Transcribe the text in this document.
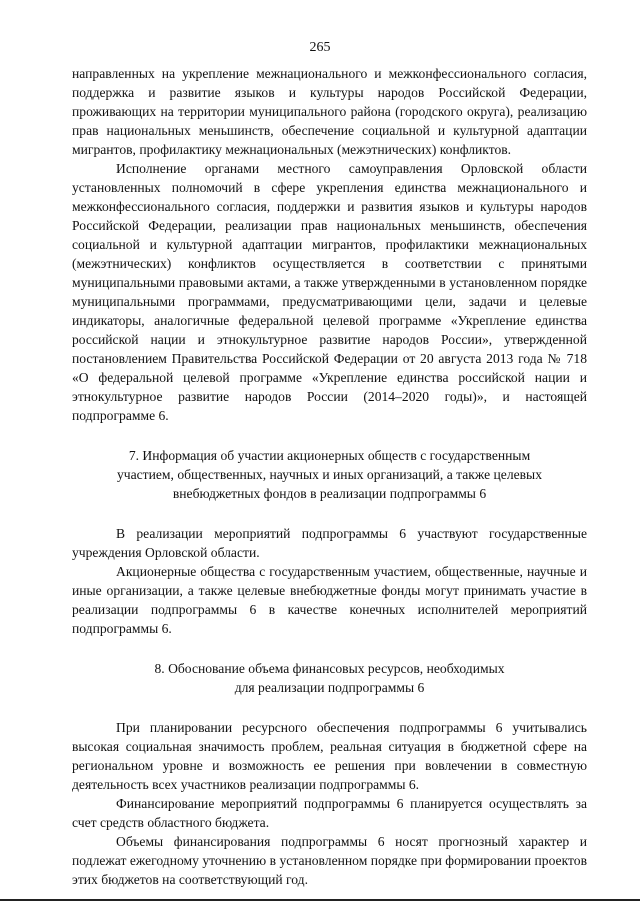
265

направленных на укрепление межнационального и межконфессионального согласия, поддержка и развитие языков и культуры народов Российской Федерации, проживающих на территории муниципального района (городского округа), реализацию прав национальных меньшинств, обеспечение социальной и культурной адаптации мигрантов, профилактику межнациональных (межэтнических) конфликтов.

Исполнение органами местного самоуправления Орловской области установленных полномочий в сфере укрепления единства межнационального и межконфессионального согласия, поддержки и развития языков и культуры народов Российской Федерации, реализации прав национальных меньшинств, обеспечения социальной и культурной адаптации мигрантов, профилактики межнациональных (межэтнических) конфликтов осуществляется в соответствии с принятыми муниципальными правовыми актами, а также утвержденными в установленном порядке муниципальными программами, предусматривающими цели, задачи и целевые индикаторы, аналогичные федеральной целевой программе «Укрепление единства российской нации и этнокультурное развитие народов России», утвержденной постановлением Правительства Российской Федерации от 20 августа 2013 года № 718 «О федеральной целевой программе «Укрепление единства российской нации и этнокультурное развитие народов России (2014–2020 годы)», и настоящей подпрограмме 6.

7. Информация об участии акционерных обществ с государственным участием, общественных, научных и иных организаций, а также целевых внебюджетных фондов в реализации подпрограммы 6

В реализации мероприятий подпрограммы 6 участвуют государственные учреждения Орловской области.

Акционерные общества с государственным участием, общественные, научные и иные организации, а также целевые внебюджетные фонды могут принимать участие в реализации подпрограммы 6 в качестве конечных исполнителей мероприятий подпрограммы 6.

8. Обоснование объема финансовых ресурсов, необходимых

для реализации подпрограммы 6

При планировании ресурсного обеспечения подпрограммы 6 учитывались высокая социальная значимость проблем, реальная ситуация в бюджетной сфере на региональном уровне и возможность ее решения при вовлечении в совместную деятельность всех участников реализации подпрограммы 6.

Финансирование мероприятий подпрограммы 6 планируется осуществлять за счет средств областного бюджета.

Объемы финансирования подпрограммы 6 носят прогнозный характер и подлежат ежегодному уточнению в установленном порядке при формировании проектов этих бюджетов на соответствующий год.
